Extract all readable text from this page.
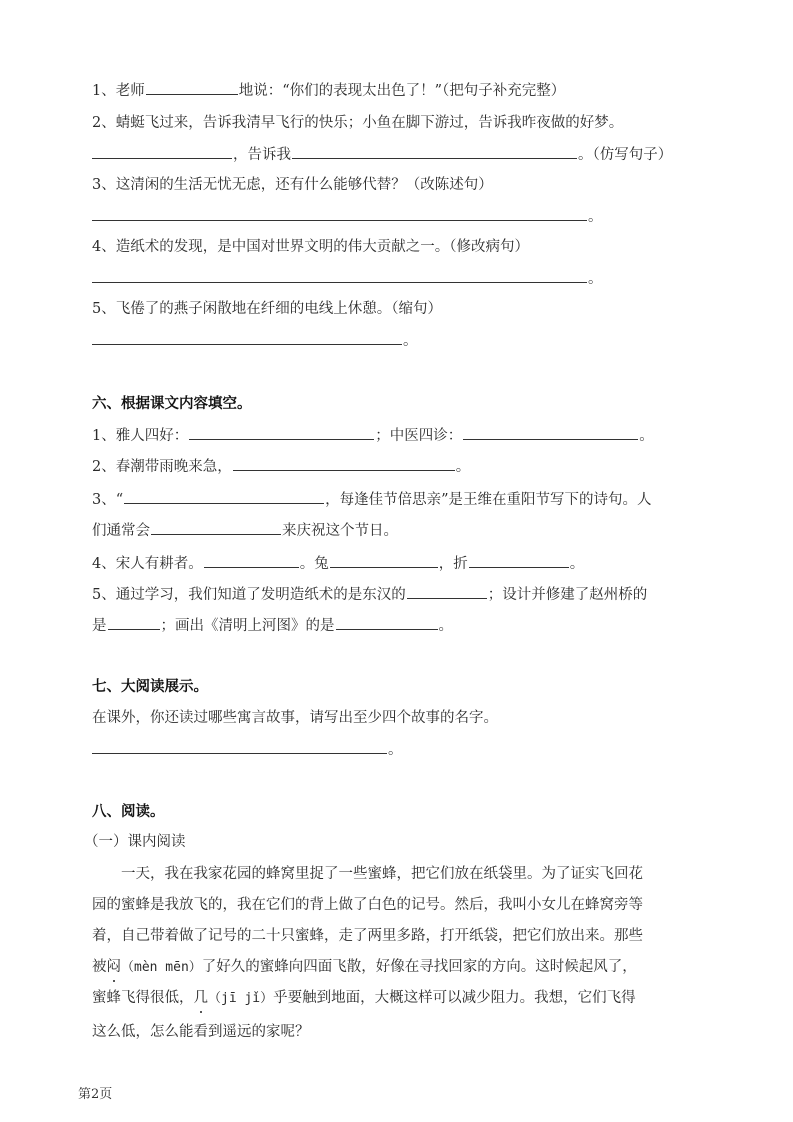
1、老师	地说：“你们的表现太出色了！”（把句子补充完整）
2、蜻蜓飞过来，告诉我清早飞行的快乐；小鱼在脚下游过，告诉我昨夜做的好梦。
，告诉我	。（仿写句子）
3、这清闲的生活无忧无虑，还有什么能够代替？（改陈述句）
。
4、造纸术的发现，是中国对世界文明的伟大贡献之一。（修改病句）
。
5、飞倦了的燕子闲散地在纤细的电线上休憩。（缩句）
。
六、根据课文内容填空。
1、雅人四好：	；中医四诊：	。
2、春潮带雨晚来急，	。
3、“	，每逢佳节倍思亲”是王维在重阳节写下的诗句。人
们通常会	来庆祝这个节日。
4、宋人有耕者。	。兔	，折	。
5、通过学习，我们知道了发明造纸术的是东汉的	；设计并修建了赵州桥的
是	；画出《清明上河图》的是	。
七、大阅读展示。
在课外，你还读过哪些寓言故事，请写出至少四个故事的名字。
。
八、阅读。
（一）课内阅读
一天，我在我家花园的蜂窝里捉了一些蜜蜂，把它们放在纸袋里。为了证实飞回花
园的蜜蜂是我放飞的，我在它们的背上做了白色的记号。然后，我叫小女儿在蜂窝旁等
着，自己带着做了记号的二十只蜜蜂，走了两里多路，打开纸袋，把它们放出来。那些
被闷（mèn mēn）了好久的蜜蜂向四面飞散，好像在寻找回家的方向。这时候起风了，
蜜蜂飞得很低，几（jī jǐ）乎要触到地面，大概这样可以减少阻力。我想，它们飞得
这么低，怎么能看到遥远的家呢？
第2页
